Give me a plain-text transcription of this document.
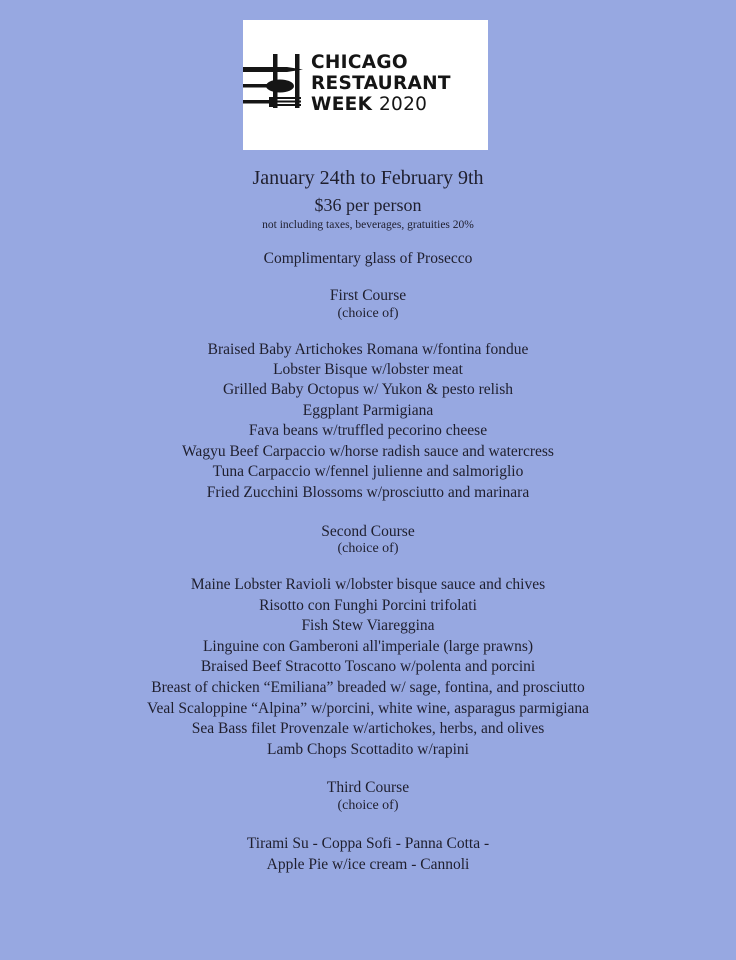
CHICAGO
RESTAURANT
WEEK 2020
January 24th to February 9th
$36 per person
not including taxes, beverages, gratuities 20%
Complimentary glass of Prosecco
First Course
(choice of)
Braised Baby Artichokes Romana w/fontina fondue
Lobster Bisque w/lobster meat
Grilled Baby Octopus w/ Yukon & pesto relish
Eggplant Parmigiana
Fava beans w/truffled pecorino cheese
Wagyu Beef Carpaccio w/horse radish sauce and watercress
Tuna Carpaccio w/fennel julienne and salmoriglio
Fried Zucchini Blossoms w/prosciutto and marinara
Second Course
(choice of)
Maine Lobster Ravioli w/lobster bisque sauce and chives
Risotto con Funghi Porcini trifolati
Fish Stew Viareggina
Linguine con Gamberoni all'imperiale (large prawns)
Braised Beef Stracotto Toscano w/polenta and porcini
Breast of chicken “Emiliana” breaded w/ sage, fontina, and prosciutto
Veal Scaloppine “Alpina” w/porcini, white wine, asparagus parmigiana
Sea Bass filet Provenzale w/artichokes, herbs, and olives
Lamb Chops Scottadito w/rapini
Third Course
(choice of)
Tirami Su - Coppa Sofi - Panna Cotta -
Apple Pie w/ice cream - Cannoli
